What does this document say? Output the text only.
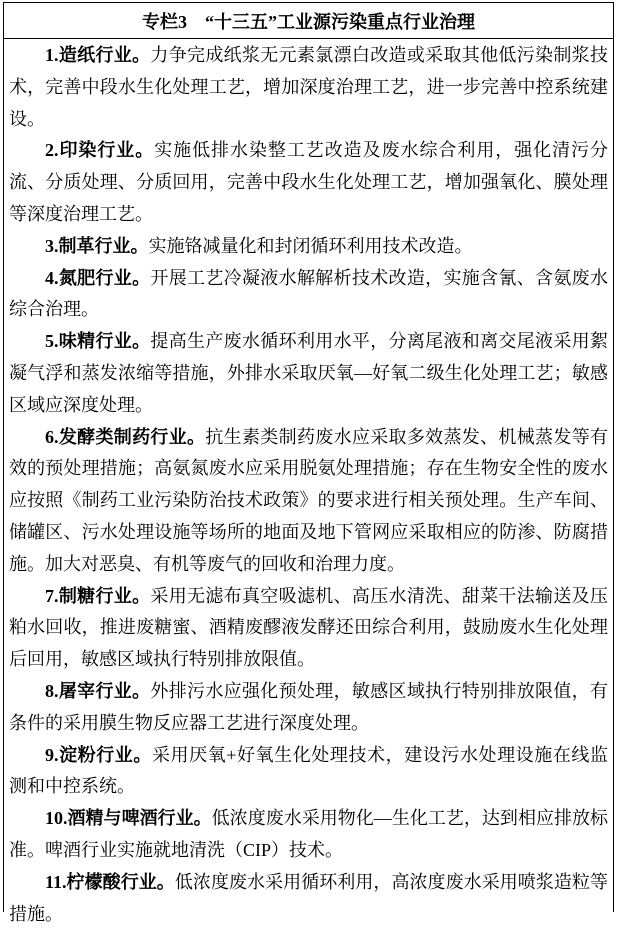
专栏3　“十三五”工业源污染重点行业治理

1.造纸行业。力争完成纸浆无元素氯漂白改造或采取其他低污染制浆技术，完善中段水生化处理工艺，增加深度治理工艺，进一步完善中控系统建设。

2.印染行业。实施低排水染整工艺改造及废水综合利用，强化清污分流、分质处理、分质回用，完善中段水生化处理工艺，增加强氧化、膜处理等深度治理工艺。

3.制革行业。实施铬减量化和封闭循环利用技术改造。

4.氮肥行业。开展工艺冷凝液水解解析技术改造，实施含氰、含氨废水综合治理。

5.味精行业。提高生产废水循环利用水平，分离尾液和离交尾液采用絮凝气浮和蒸发浓缩等措施，外排水采取厌氧—好氧二级生化处理工艺；敏感区域应深度处理。

6.发酵类制药行业。抗生素类制药废水应采取多效蒸发、机械蒸发等有效的预处理措施；高氨氮废水应采用脱氨处理措施；存在生物安全性的废水应按照《制药工业污染防治技术政策》的要求进行相关预处理。生产车间、储罐区、污水处理设施等场所的地面及地下管网应采取相应的防渗、防腐措施。加大对恶臭、有机等废气的回收和治理力度。

7.制糖行业。采用无滤布真空吸滤机、高压水清洗、甜菜干法输送及压粕水回收，推进废糖蜜、酒精废醪液发酵还田综合利用，鼓励废水生化处理后回用，敏感区域执行特别排放限值。

8.屠宰行业。外排污水应强化预处理，敏感区域执行特别排放限值，有条件的采用膜生物反应器工艺进行深度处理。

9.淀粉行业。采用厌氧+好氧生化处理技术，建设污水处理设施在线监测和中控系统。

10.酒精与啤酒行业。低浓度废水采用物化—生化工艺，达到相应排放标准。啤酒行业实施就地清洗（CIP）技术。

11.柠檬酸行业。低浓度废水采用循环利用，高浓度废水采用喷浆造粒等措施。
